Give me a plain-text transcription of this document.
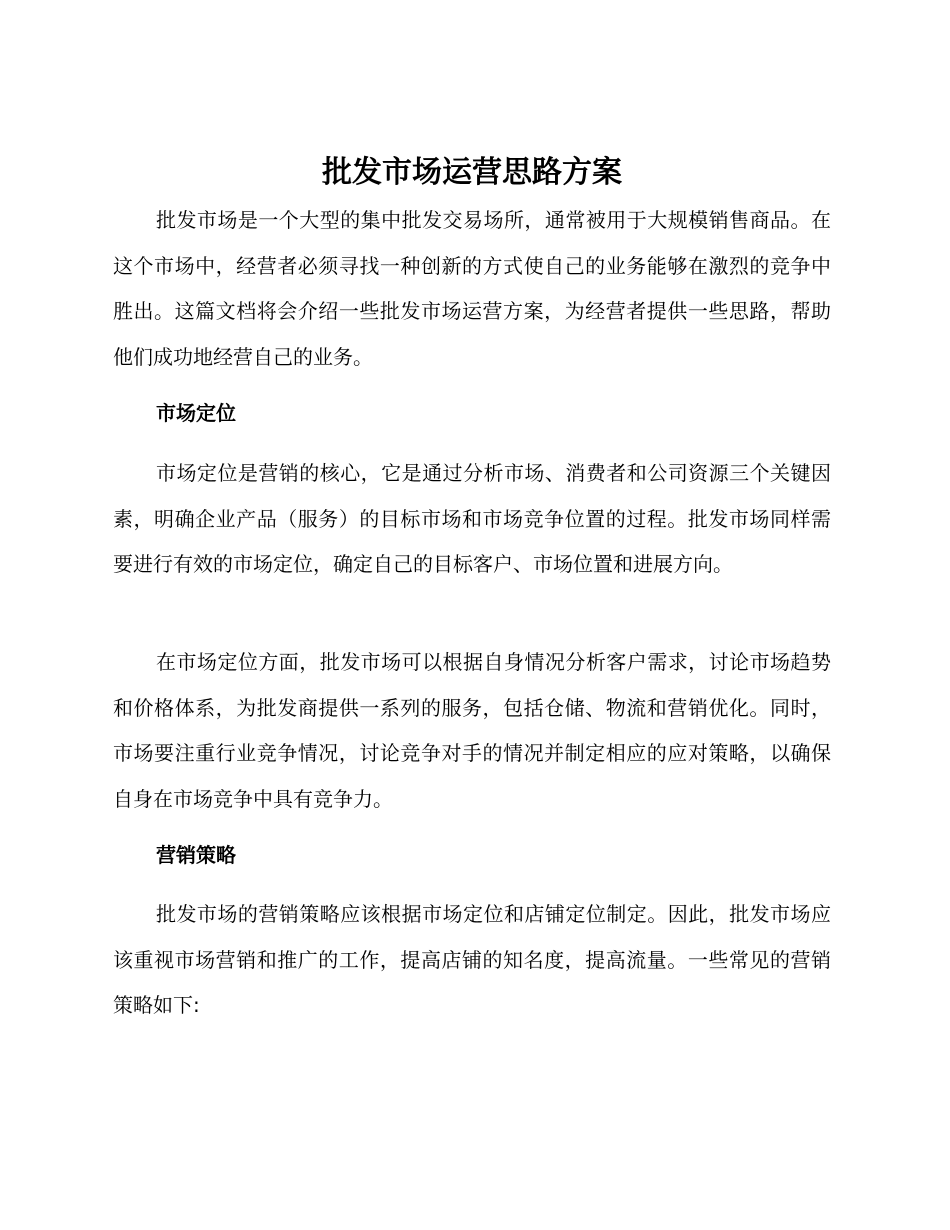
批发市场运营思路方案

批发市场是一个大型的集中批发交易场所，通常被用于大规模销售商品。在这个市场中，经营者必须寻找一种创新的方式使自己的业务能够在激烈的竞争中胜出。这篇文档将会介绍一些批发市场运营方案，为经营者提供一些思路，帮助他们成功地经营自己的业务。

市场定位

市场定位是营销的核心，它是通过分析市场、消费者和公司资源三个关键因素，明确企业产品（服务）的目标市场和市场竞争位置的过程。批发市场同样需要进行有效的市场定位，确定自己的目标客户、市场位置和进展方向。

在市场定位方面，批发市场可以根据自身情况分析客户需求，讨论市场趋势和价格体系，为批发商提供一系列的服务，包括仓储、物流和营销优化。同时，市场要注重行业竞争情况，讨论竞争对手的情况并制定相应的应对策略，以确保自身在市场竞争中具有竞争力。

营销策略

批发市场的营销策略应该根据市场定位和店铺定位制定。因此，批发市场应该重视市场营销和推广的工作，提高店铺的知名度，提高流量。一些常见的营销策略如下:
